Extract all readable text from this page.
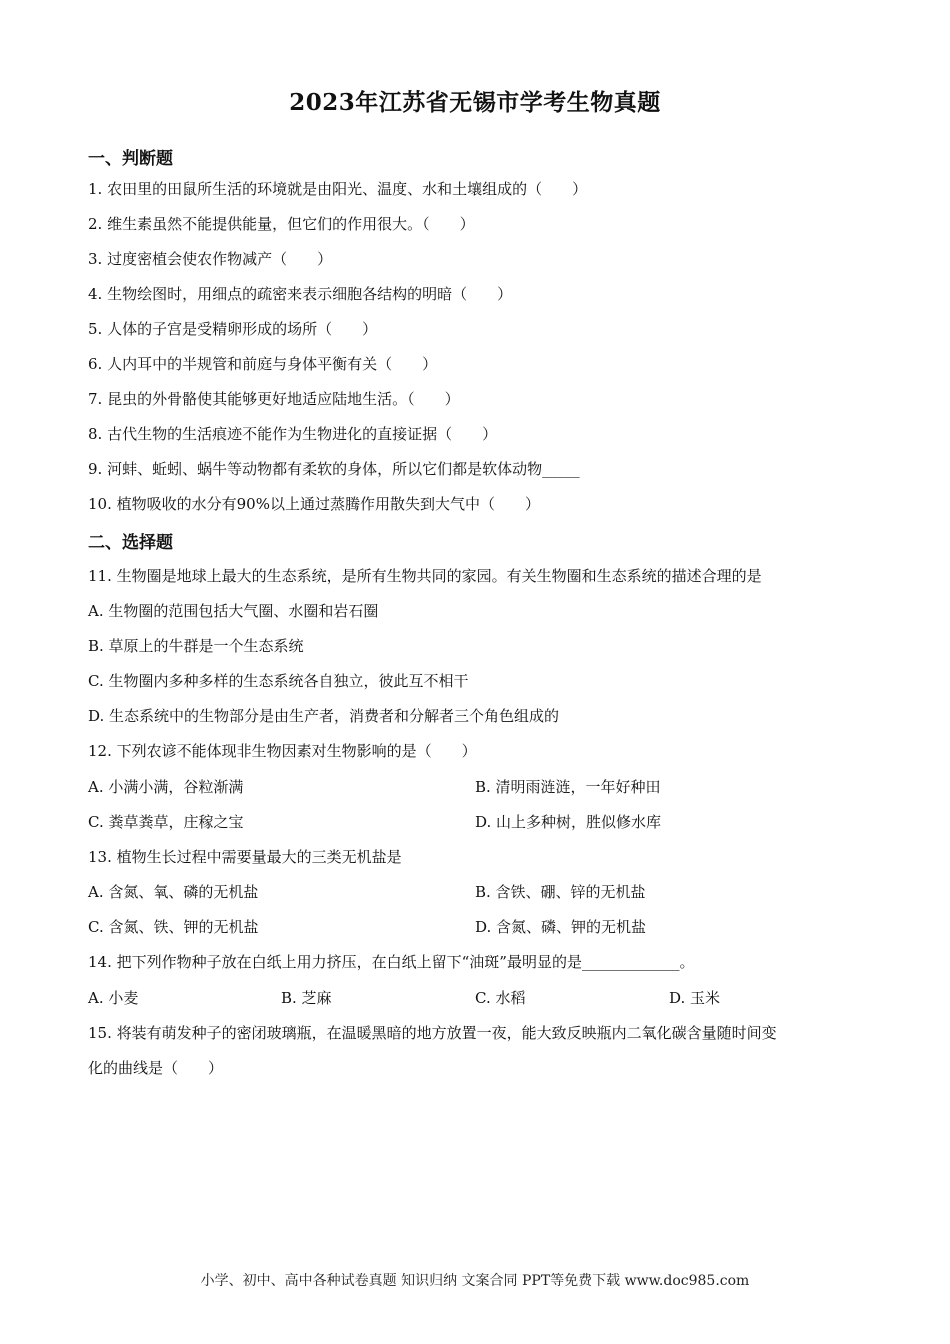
2023年江苏省无锡市学考生物真题
一、判断题
1. 农田里的田鼠所生活的环境就是由阳光、温度、水和土壤组成的（　　）
2. 维生素虽然不能提供能量，但它们的作用很大。（　　）
3. 过度密植会使农作物减产（　　）
4. 生物绘图时，用细点的疏密来表示细胞各结构的明暗（　　）
5. 人体的子宫是受精卵形成的场所（　　）
6. 人内耳中的半规管和前庭与身体平衡有关（　　）
7. 昆虫的外骨骼使其能够更好地适应陆地生活。（　　）
8. 古代生物的生活痕迹不能作为生物进化的直接证据（　　）
9. 河蚌、蚯蚓、蜗牛等动物都有柔软的身体，所以它们都是软体动物_____
10. 植物吸收的水分有90%以上通过蒸腾作用散失到大气中（　　）
二、选择题
11. 生物圈是地球上最大的生态系统，是所有生物共同的家园。有关生物圈和生态系统的描述合理的是
A. 生物圈的范围包括大气圈、水圈和岩石圈
B. 草原上的牛群是一个生态系统
C. 生物圈内多种多样的生态系统各自独立，彼此互不相干
D. 生态系统中的生物部分是由生产者，消费者和分解者三个角色组成的
12. 下列农谚不能体现非生物因素对生物影响的是（　　）
A. 小满小满，谷粒渐满	B. 清明雨涟涟，一年好种田
C. 粪草粪草，庄稼之宝	D. 山上多种树，胜似修水库
13. 植物生长过程中需要量最大的三类无机盐是
A. 含氮、氧、磷的无机盐	B. 含铁、硼、锌的无机盐
C. 含氮、铁、钾的无机盐	D. 含氮、磷、钾的无机盐
14. 把下列作物种子放在白纸上用力挤压，在白纸上留下“油斑”最明显的是_____________。
A. 小麦	B. 芝麻	C. 水稻	D. 玉米
15. 将装有萌发种子的密闭玻璃瓶，在温暖黑暗的地方放置一夜，能大致反映瓶内二氧化碳含量随时间变
化的曲线是（　　）
小学、初中、高中各种试卷真题 知识归纳 文案合同 PPT等免费下载 www.doc985.com
